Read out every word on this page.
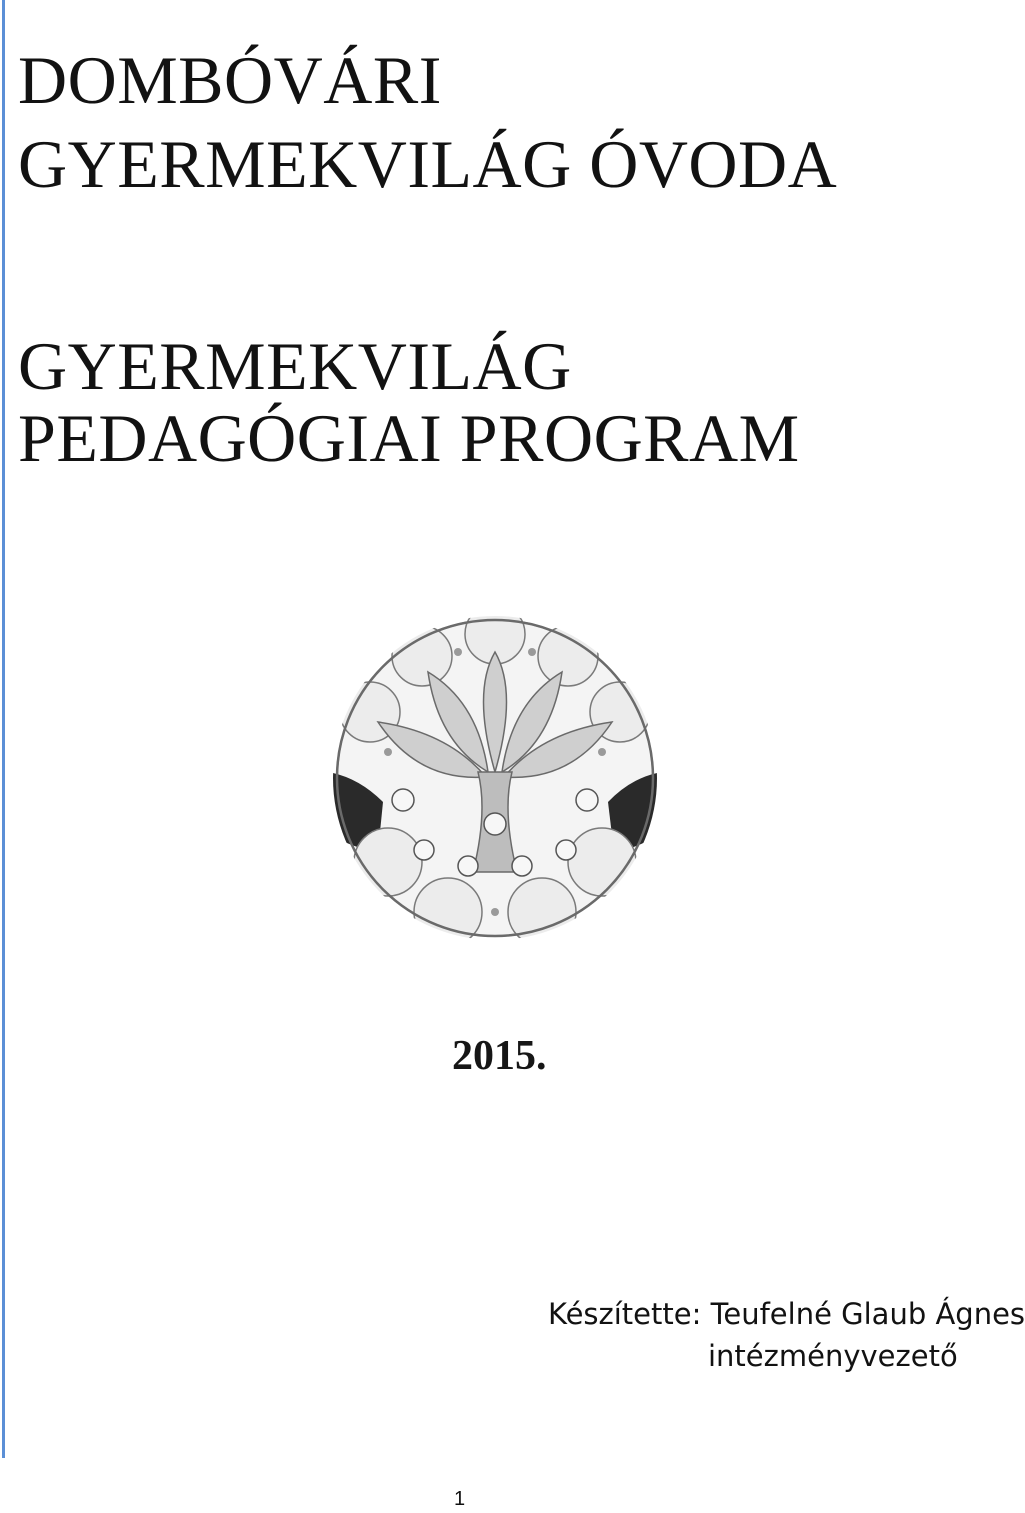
DOMBÓVÁRI
GYERMEKVILÁG ÓVODA
GYERMEKVILÁG
PEDAGÓGIAI PROGRAM
2015.
Készítette: Teufelné Glaub Ágnes
intézményvezető
1
